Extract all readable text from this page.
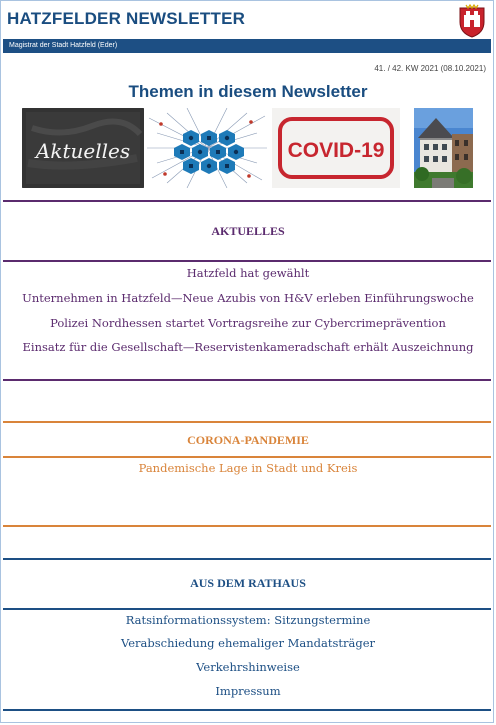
HATZFELDER NEWSLETTER
Magistrat der Stadt Hatzfeld (Eder)
41. / 42. KW 2021 (08.10.2021)
Themen in diesem Newsletter
Aktuelles	COVID-19
AKTUELLES
Hatzfeld hat gewählt
Unternehmen in Hatzfeld—Neue Azubis von H&V erleben Einführungswoche
Polizei Nordhessen startet Vortragsreihe zur Cybercrimeprävention
Einsatz für die Gesellschaft—Reservistenkameradschaft erhält Auszeichnung
CORONA-PANDEMIE
Pandemische Lage in Stadt und Kreis
AUS DEM RATHAUS
Ratsinformationssystem: Sitzungstermine
Verabschiedung ehemaliger Mandatsträger
Verkehrshinweise
Impressum
